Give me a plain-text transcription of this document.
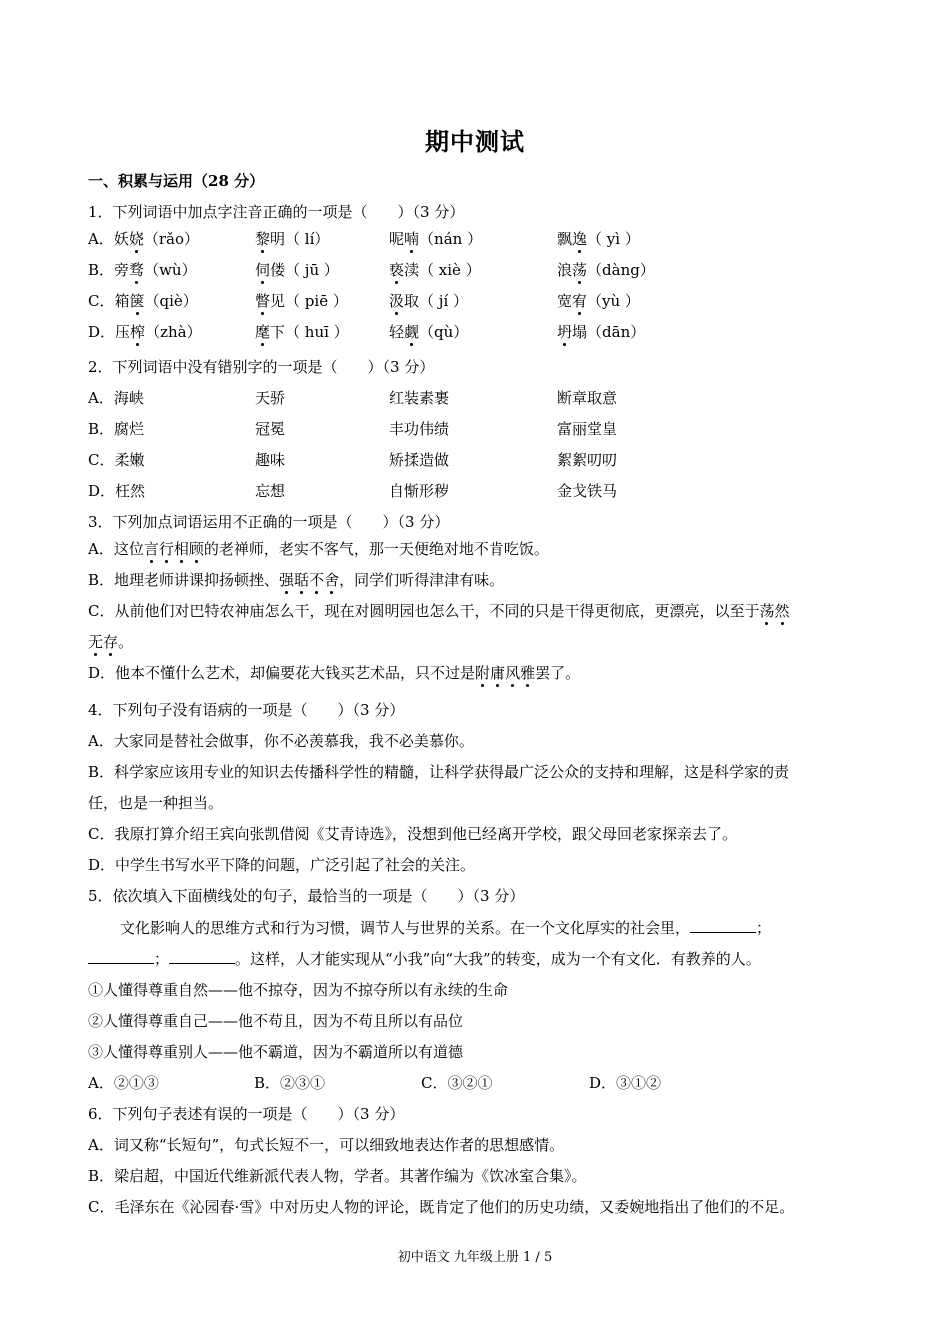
期中测试
一、积累与运用（28 分）
1．下列词语中加点字注音正确的一项是（　　）（3 分）
A．妖娆（rǎo）	黎明（ lí）	呢喃（nán ）	飘逸（ yì ）
B．旁骛（wù）	伺偻（ jū ）	亵渎（ xiè ）	浪荡（dàng）
C．箱箧（qiè）	瞥见（ piē ）	汲取（ jí ）	宽宥（yù ）
D．压榨（zhà）	麾下（ huī ）	轻觑（qù）	坍塌（dān）
2．下列词语中没有错别字的一项是（　　）（3 分）
A．海峡	天骄	红装素裹	断章取意
B．腐烂	冠冕	丰功伟绩	富丽堂皇
C．柔嫩	趣味	矫揉造做	絮絮叨叨
D．枉然	忘想	自惭形秽	金戈铁马
3．下列加点词语运用不正确的一项是（　　）（3 分）
A．这位言行相顾的老禅师，老实不客气，那一天便绝对地不肯吃饭。
B．地理老师讲课抑扬顿挫、强聒不舍，同学们听得津津有味。
C．从前他们对巴特农神庙怎么干，现在对圆明园也怎么干，不同的只是干得更彻底，更漂亮，以至于荡然
无存。
D．他本不懂什么艺术，却偏要花大钱买艺术品，只不过是附庸风雅罢了。
4．下列句子没有语病的一项是（　　）（3 分）
A．大家同是替社会做事，你不必羡慕我，我不必美慕你。
B．科学家应该用专业的知识去传播科学性的精髓，让科学获得最广泛公众的支持和理解，这是科学家的责
任，也是一种担当。
C．我原打算介绍王宾向张凯借阅《艾青诗选》，没想到他已经离开学校，跟父母回老家探亲去了。
D．中学生书写水平下降的问题，广泛引起了社会的关注。
5．依次填入下面横线处的句子，最恰当的一项是（　　）（3 分）
文化影响人的思维方式和行为习惯，调节人与世界的关系。在一个文化厚实的社会里，	；
；	。这样，人才能实现从“小我”向“大我”的转变，成为一个有文化．有教养的人。
①人懂得尊重自然——他不掠夺，因为不掠夺所以有永续的生命
②人懂得尊重自己——他不苟且，因为不苟且所以有品位
③人懂得尊重别人——他不霸道，因为不霸道所以有道德
A．②①③	B．②③①	C．③②①	D．③①②
6．下列句子表述有误的一项是（　　）（3 分）
A．词又称“长短句”，句式长短不一，可以细致地表达作者的思想感情。
B．梁启超，中国近代维新派代表人物，学者。其著作编为《饮冰室合集》。
C．毛泽东在《沁园春·雪》中对历史人物的评论，既肯定了他们的历史功绩，又委婉地指出了他们的不足。
初中语文 九年级上册 1 / 5
